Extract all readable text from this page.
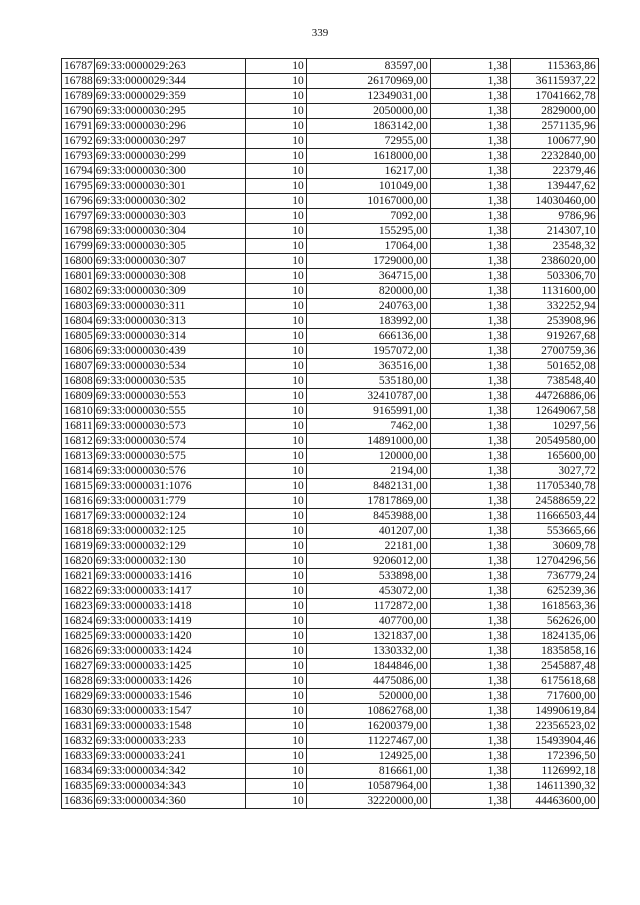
339
16787	69:33:0000029:263	10	83597,00	1,38	115363,86
16788	69:33:0000029:344	10	26170969,00	1,38	36115937,22
16789	69:33:0000029:359	10	12349031,00	1,38	17041662,78
16790	69:33:0000030:295	10	2050000,00	1,38	2829000,00
16791	69:33:0000030:296	10	1863142,00	1,38	2571135,96
16792	69:33:0000030:297	10	72955,00	1,38	100677,90
16793	69:33:0000030:299	10	1618000,00	1,38	2232840,00
16794	69:33:0000030:300	10	16217,00	1,38	22379,46
16795	69:33:0000030:301	10	101049,00	1,38	139447,62
16796	69:33:0000030:302	10	10167000,00	1,38	14030460,00
16797	69:33:0000030:303	10	7092,00	1,38	9786,96
16798	69:33:0000030:304	10	155295,00	1,38	214307,10
16799	69:33:0000030:305	10	17064,00	1,38	23548,32
16800	69:33:0000030:307	10	1729000,00	1,38	2386020,00
16801	69:33:0000030:308	10	364715,00	1,38	503306,70
16802	69:33:0000030:309	10	820000,00	1,38	1131600,00
16803	69:33:0000030:311	10	240763,00	1,38	332252,94
16804	69:33:0000030:313	10	183992,00	1,38	253908,96
16805	69:33:0000030:314	10	666136,00	1,38	919267,68
16806	69:33:0000030:439	10	1957072,00	1,38	2700759,36
16807	69:33:0000030:534	10	363516,00	1,38	501652,08
16808	69:33:0000030:535	10	535180,00	1,38	738548,40
16809	69:33:0000030:553	10	32410787,00	1,38	44726886,06
16810	69:33:0000030:555	10	9165991,00	1,38	12649067,58
16811	69:33:0000030:573	10	7462,00	1,38	10297,56
16812	69:33:0000030:574	10	14891000,00	1,38	20549580,00
16813	69:33:0000030:575	10	120000,00	1,38	165600,00
16814	69:33:0000030:576	10	2194,00	1,38	3027,72
16815	69:33:0000031:1076	10	8482131,00	1,38	11705340,78
16816	69:33:0000031:779	10	17817869,00	1,38	24588659,22
16817	69:33:0000032:124	10	8453988,00	1,38	11666503,44
16818	69:33:0000032:125	10	401207,00	1,38	553665,66
16819	69:33:0000032:129	10	22181,00	1,38	30609,78
16820	69:33:0000032:130	10	9206012,00	1,38	12704296,56
16821	69:33:0000033:1416	10	533898,00	1,38	736779,24
16822	69:33:0000033:1417	10	453072,00	1,38	625239,36
16823	69:33:0000033:1418	10	1172872,00	1,38	1618563,36
16824	69:33:0000033:1419	10	407700,00	1,38	562626,00
16825	69:33:0000033:1420	10	1321837,00	1,38	1824135,06
16826	69:33:0000033:1424	10	1330332,00	1,38	1835858,16
16827	69:33:0000033:1425	10	1844846,00	1,38	2545887,48
16828	69:33:0000033:1426	10	4475086,00	1,38	6175618,68
16829	69:33:0000033:1546	10	520000,00	1,38	717600,00
16830	69:33:0000033:1547	10	10862768,00	1,38	14990619,84
16831	69:33:0000033:1548	10	16200379,00	1,38	22356523,02
16832	69:33:0000033:233	10	11227467,00	1,38	15493904,46
16833	69:33:0000033:241	10	124925,00	1,38	172396,50
16834	69:33:0000034:342	10	816661,00	1,38	1126992,18
16835	69:33:0000034:343	10	10587964,00	1,38	14611390,32
16836	69:33:0000034:360	10	32220000,00	1,38	44463600,00
